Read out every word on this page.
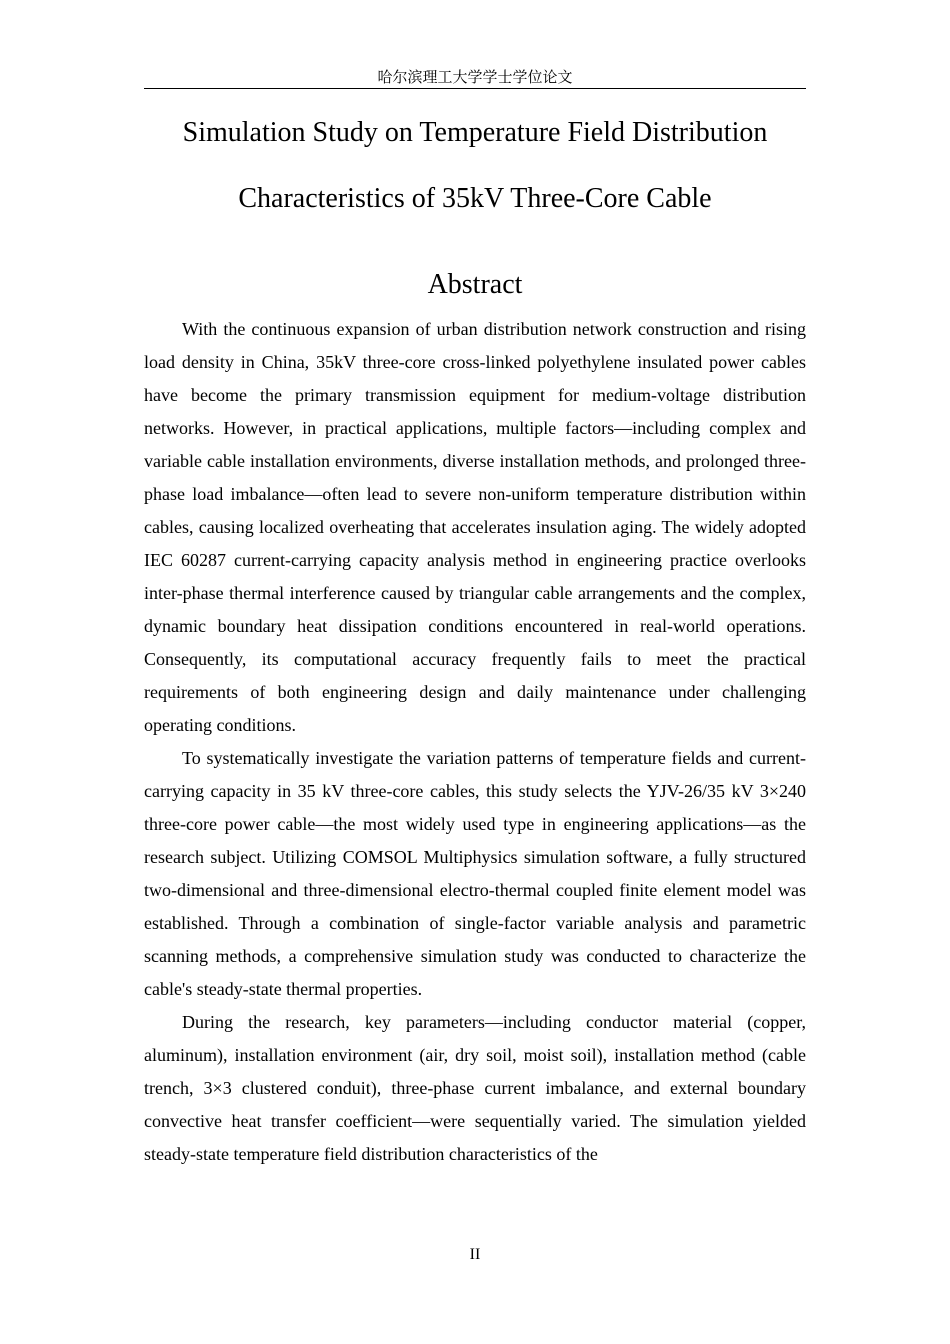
哈尔滨理工大学学士学位论文
Simulation Study on Temperature Field Distribution
Characteristics of 35kV Three-Core Cable
Abstract

With the continuous expansion of urban distribution network construction and rising load density in China, 35kV three-core cross-linked polyethylene insulated power cables have become the primary transmission equipment for medium-voltage distribution networks. However, in practical applications, multiple factors—including complex and variable cable installation environments, diverse installation methods, and prolonged three-phase load imbalance—often lead to severe non-uniform temperature distribution within cables, causing localized overheating that accelerates insulation aging. The widely adopted IEC 60287 current-carrying capacity analysis method in engineering practice overlooks inter-phase thermal interference caused by triangular cable arrangements and the complex, dynamic boundary heat dissipation conditions encountered in real-world operations. Consequently, its computational accuracy frequently fails to meet the practical requirements of both engineering design and daily maintenance under challenging operating conditions.

To systematically investigate the variation patterns of temperature fields and current-carrying capacity in 35 kV three-core cables, this study selects the YJV-26/35 kV 3×240 three-core power cable—the most widely used type in engineering applications—as the research subject. Utilizing COMSOL Multiphysics simulation software, a fully structured two-dimensional and three-dimensional electro-thermal coupled finite element model was established. Through a combination of single-factor variable analysis and parametric scanning methods, a comprehensive simulation study was conducted to characterize the cable's steady-state thermal properties.

During the research, key parameters—including conductor material (copper, aluminum), installation environment (air, dry soil, moist soil), installation method (cable trench, 3×3 clustered conduit), three-phase current imbalance, and external boundary convective heat transfer coefficient—were sequentially varied. The simulation yielded steady-state temperature field distribution characteristics of the

II
